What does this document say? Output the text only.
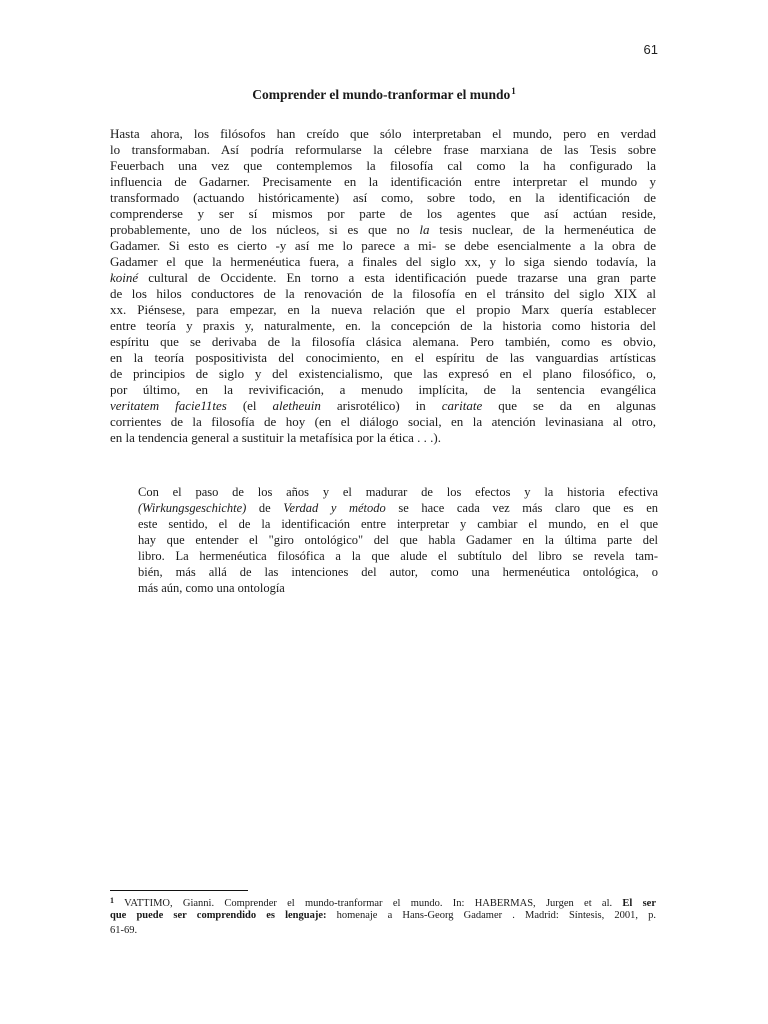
61
Comprender el mundo-tranformar el mundo$^1$
Hasta ahora, los filósofos han creído que sólo interpretaban el mundo, pero en verdad
lo transformaban. Así podría reformularse la célebre frase marxiana de las Tesis sobre
Feuerbach una vez que contemplemos la filosofía cal como la ha configurado la
influencia de Gadarner. Precisamente en la identificación entre interpretar el mundo y
transformado (actuando históricamente) así como, sobre todo, en la identificación de
comprenderse y ser sí mismos por parte de los agentes que así actúan reside,
probablemente, uno de los núcleos, si es que no la tesis nuclear, de la hermenéutica de
Gadamer. Si esto es cierto -y así me lo parece a mi- se debe esencialmente a la obra de
Gadamer el que la hermenéutica fuera, a finales del siglo xx, y lo siga siendo todavía, la
koiné cultural de Occidente. En torno a esta identificación puede trazarse una gran parte
de los hilos conductores de la renovación de la filosofía en el tránsito del siglo XIX al
xx. Piénsese, para empezar, en la nueva relación que el propio Marx quería establecer
entre teoría y praxis y, naturalmente, en. la concepción de la historia como historia del
espíritu que se derivaba de la filosofía clásica alemana. Pero también, como es obvio,
en la teoría pospositivista del conocimiento, en el espíritu de las vanguardias artísticas
de principios de siglo y del existencialismo, que las expresó en el plano filosófico, o,
por último, en la revivificación, a menudo implícita, de la sentencia evangélica
veritatem facie11tes (el aletheuin arisrotélico) in caritate que se da en algunas
corrientes de la filosofía de hoy (en el diálogo social, en la atención levinasiana al otro,
en la tendencia general a sustituir la metafísica por la ética . . .).
Con el paso de los años y el madurar de los efectos y la historia efectiva
(Wirkungsgeschichte) de Verdad y método se hace cada vez más claro que es en
este sentido, el de la identificación entre interpretar y cambiar el mundo, en el que
hay que entender el "giro ontológico" del que habla Gadamer en la última parte del
libro. La hermenéutica filosófica a la que alude el subtítulo del libro se revela tam-
bién, más allá de las intenciones del autor, como una hermenéutica ontológica, o
más aún, como una ontología
$^1$ VATTIMO, Gianni. Comprender el mundo-tranformar el mundo. In: HABERMAS, Jurgen et al. El ser
que puede ser comprendido es lenguaje: homenaje a Hans-Georg Gadamer . Madrid: Síntesis, 2001, p.
61-69.
